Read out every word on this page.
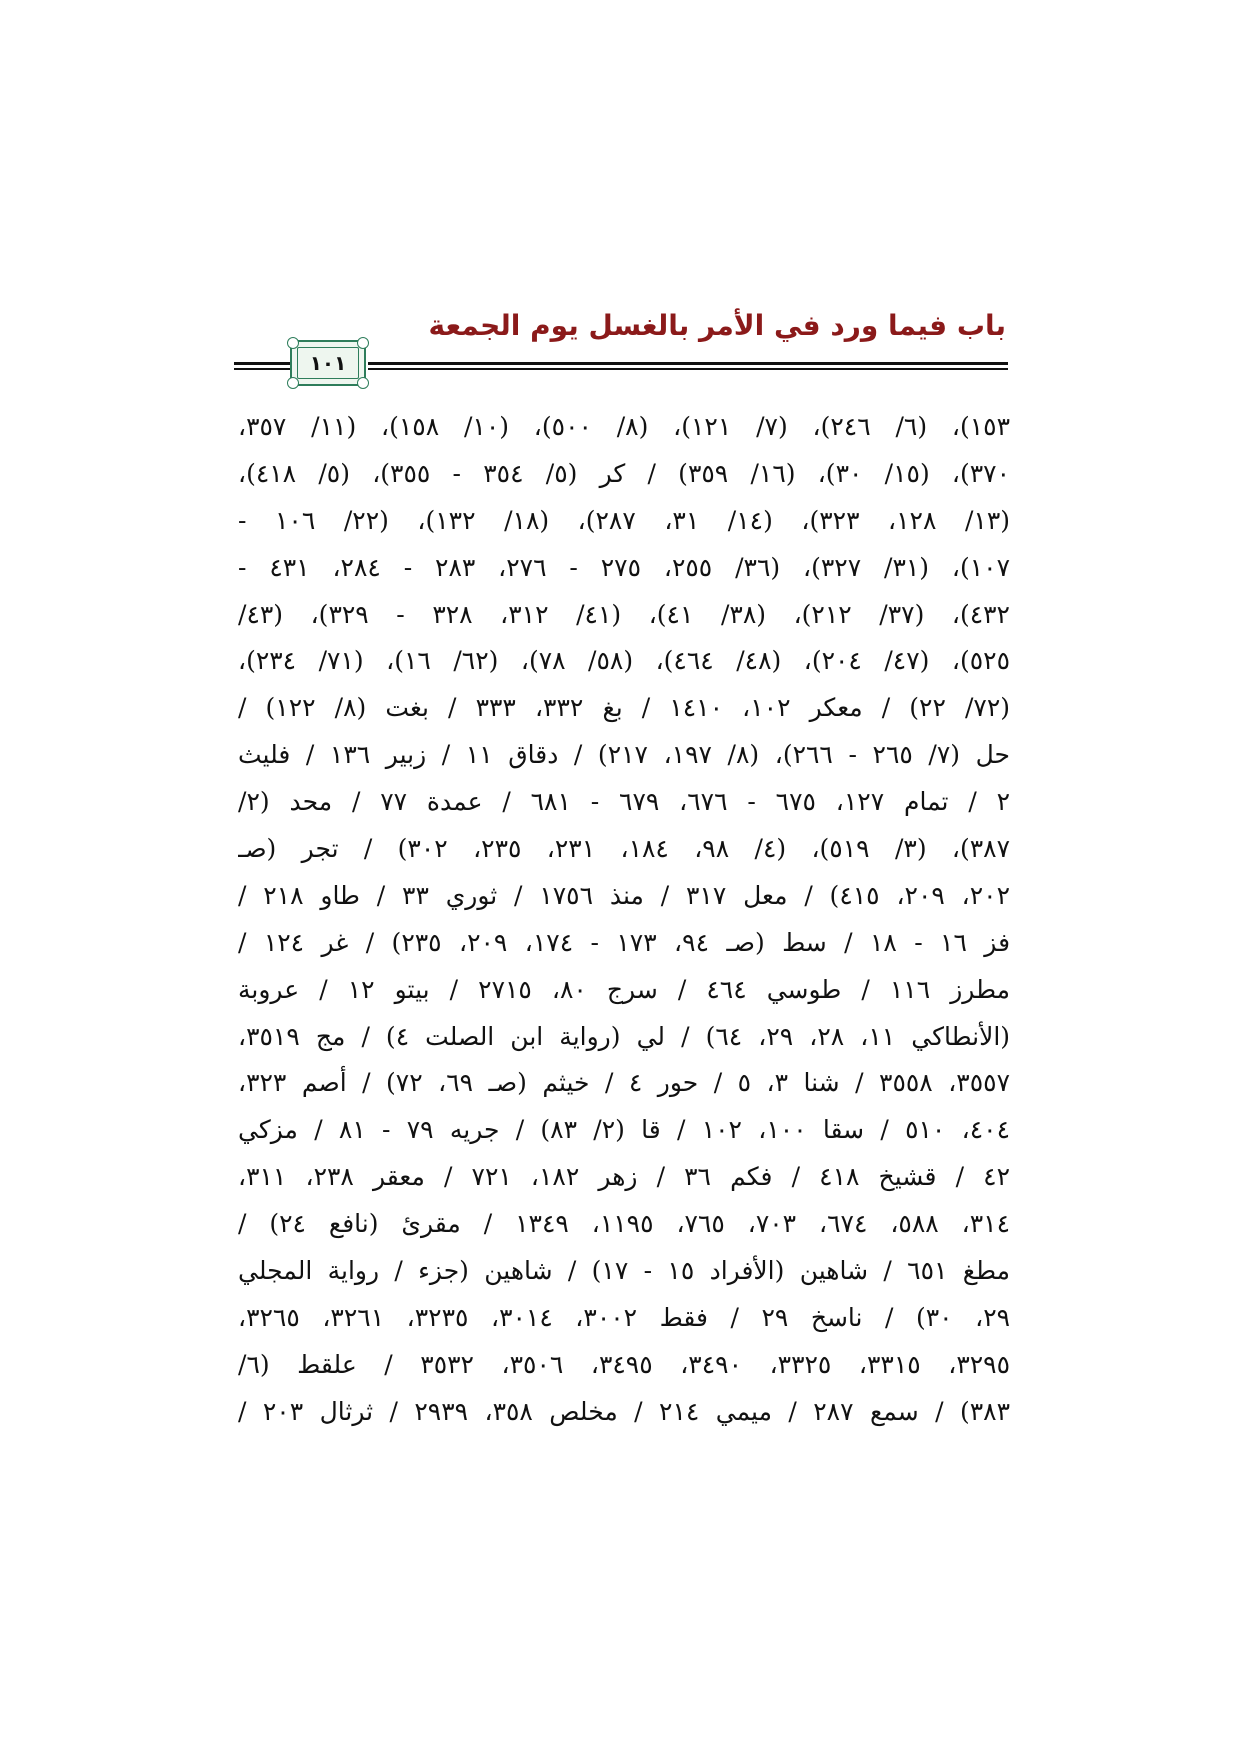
باب فيما ورد في الأمر بالغسل يوم الجمعة
١٠١
١٥٣)، (٦/ ٢٤٦)، (٧/ ١٢١)، (٨/ ٥٠٠)، (١٠/ ١٥٨)، (١١/ ٣٥٧،
٣٧٠)، (١٥/ ٣٠)، (١٦/ ٣٥٩) / كر (٥/ ٣٥٤ - ٣٥٥)، (٥/ ٤١٨)،
(١٣/ ١٢٨، ٣٢٣)، (١٤/ ٣١، ٢٨٧)، (١٨/ ١٣٢)، (٢٢/ ١٠٦ -
١٠٧)، (٣١/ ٣٢٧)، (٣٦/ ٢٥٥، ٢٧٥ - ٢٧٦، ٢٨٣ - ٢٨٤، ٤٣١ -
٤٣٢)، (٣٧/ ٢١٢)، (٣٨/ ٤١)، (٤١/ ٣١٢، ٣٢٨ - ٣٢٩)، (٤٣/
٥٢٥)، (٤٧/ ٢٠٤)، (٤٨/ ٤٦٤)، (٥٨/ ٧٨)، (٦٢/ ١٦)، (٧١/ ٢٣٤)،
(٧٢/ ٢٢) / معكر ١٠٢، ١٤١٠ / بغ ٣٣٢، ٣٣٣ / بغت (٨/ ١٢٢) /
حل (٧/ ٢٦٥ - ٢٦٦)، (٨/ ١٩٧، ٢١٧) / دقاق ١١ / زبير ١٣٦ / فليث
٢ / تمام ١٢٧، ٦٧٥ - ٦٧٦، ٦٧٩ - ٦٨١ / عمدة ٧٧ / محد (٢/
٣٨٧)، (٣/ ٥١٩)، (٤/ ٩٨، ١٨٤، ٢٣١، ٢٣٥، ٣٠٢) / تجر (صـ
٢٠٢، ٢٠٩، ٤١٥) / معل ٣١٧ / منذ ١٧٥٦ / ثوري ٣٣ / طاو ٢١٨ /
فز ١٦ - ١٨ / سط (صـ ٩٤، ١٧٣ - ١٧٤، ٢٠٩، ٢٣٥) / غر ١٢٤ /
مطرز ١١٦ / طوسي ٤٦٤ / سرج ٨٠، ٢٧١٥ / بيتو ١٢ / عروبة
(الأنطاكي ١١، ٢٨، ٢٩، ٦٤) / لي (رواية ابن الصلت ٤) / مج ٣٥١٩،
٣٥٥٧، ٣٥٥٨ / شنا ٣، ٥ / حور ٤ / خيثم (صـ ٦٩، ٧٢) / أصم ٣٢٣،
٤٠٤، ٥١٠ / سقا ١٠٠، ١٠٢ / قا (٢/ ٨٣) / جريه ٧٩ - ٨١ / مزكي
٤٢ / قشيخ ٤١٨ / فكم ٣٦ / زهر ١٨٢، ٧٢١ / معقر ٢٣٨، ٣١١،
٣١٤، ٥٨٨، ٦٧٤، ٧٠٣، ٧٦٥، ١١٩٥، ١٣٤٩ / مقرئ (نافع ٢٤) /
مطغ ٦٥١ / شاهين (الأفراد ١٥ - ١٧) / شاهين (جزء / رواية المجلي
٢٩، ٣٠) / ناسخ ٢٩ / فقط ٣٠٠٢، ٣٠١٤، ٣٢٣٥، ٣٢٦١، ٣٢٦٥،
٣٢٩٥، ٣٣١٥، ٣٣٢٥، ٣٤٩٠، ٣٤٩٥، ٣٥٠٦، ٣٥٣٢ / علقط (٦/
٣٨٣) / سمع ٢٨٧ / ميمي ٢١٤ / مخلص ٣٥٨، ٢٩٣٩ / ثرثال ٢٠٣ /
